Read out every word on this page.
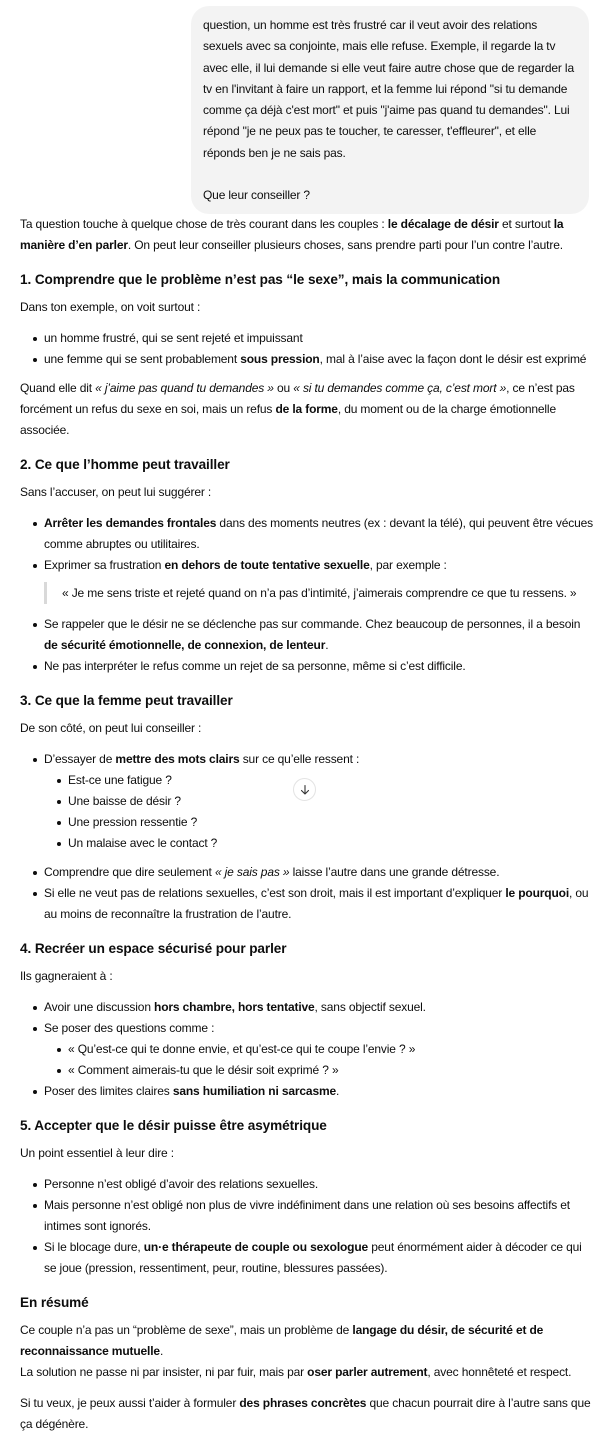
question, un homme est très frustré car il veut avoir des relations sexuels avec sa conjointe, mais elle refuse. Exemple, il regarde la tv avec elle, il lui demande si elle veut faire autre chose que de regarder la tv en l'invitant à faire un rapport, et la femme lui répond "si tu demande comme ça déjà c'est mort" et puis "j'aime pas quand tu demandes". Lui répond "je ne peux pas te toucher, te caresser, t'effleurer", et elle réponds ben je ne sais pas.

Que leur conseiller ?

Ta question touche à quelque chose de très courant dans les couples : le décalage de désir et surtout la manière d’en parler. On peut leur conseiller plusieurs choses, sans prendre parti pour l’un contre l’autre.

1. Comprendre que le problème n’est pas “le sexe”, mais la communication

Dans ton exemple, on voit surtout :

un homme frustré, qui se sent rejeté et impuissant
une femme qui se sent probablement sous pression, mal à l’aise avec la façon dont le désir est exprimé

Quand elle dit « j’aime pas quand tu demandes » ou « si tu demandes comme ça, c’est mort », ce n’est pas forcément un refus du sexe en soi, mais un refus de la forme, du moment ou de la charge émotionnelle associée.

2. Ce que l’homme peut travailler

Sans l’accuser, on peut lui suggérer :

Arrêter les demandes frontales dans des moments neutres (ex : devant la télé), qui peuvent être vécues comme abruptes ou utilitaires.
Exprimer sa frustration en dehors de toute tentative sexuelle, par exemple :
« Je me sens triste et rejeté quand on n’a pas d’intimité, j’aimerais comprendre ce que tu ressens. »
Se rappeler que le désir ne se déclenche pas sur commande. Chez beaucoup de personnes, il a besoin de sécurité émotionnelle, de connexion, de lenteur.
Ne pas interpréter le refus comme un rejet de sa personne, même si c’est difficile.
3. Ce que la femme peut travailler

De son côté, on peut lui conseiller :

D’essayer de mettre des mots clairs sur ce qu’elle ressent :
Est-ce une fatigue ?
Une baisse de désir ?
Une pression ressentie ?
Un malaise avec le contact ?
Comprendre que dire seulement « je sais pas » laisse l’autre dans une grande détresse.
Si elle ne veut pas de relations sexuelles, c’est son droit, mais il est important d’expliquer le pourquoi, ou au moins de reconnaître la frustration de l’autre.
4. Recréer un espace sécurisé pour parler

Ils gagneraient à :

Avoir une discussion hors chambre, hors tentative, sans objectif sexuel.
Se poser des questions comme :
« Qu’est-ce qui te donne envie, et qu’est-ce qui te coupe l’envie ? »
« Comment aimerais-tu que le désir soit exprimé ? »
Poser des limites claires sans humiliation ni sarcasme.
5. Accepter que le désir puisse être asymétrique

Un point essentiel à leur dire :

Personne n’est obligé d’avoir des relations sexuelles.
Mais personne n’est obligé non plus de vivre indéfiniment dans une relation où ses besoins affectifs et intimes sont ignorés.
Si le blocage dure, un·e thérapeute de couple ou sexologue peut énormément aider à décoder ce qui se joue (pression, ressentiment, peur, routine, blessures passées).
En résumé

Ce couple n’a pas un “problème de sexe”, mais un problème de langage du désir, de sécurité et de reconnaissance mutuelle.

La solution ne passe ni par insister, ni par fuir, mais par oser parler autrement, avec honnêteté et respect.

Si tu veux, je peux aussi t’aider à formuler des phrases concrètes que chacun pourrait dire à l’autre sans que ça dégénère.
